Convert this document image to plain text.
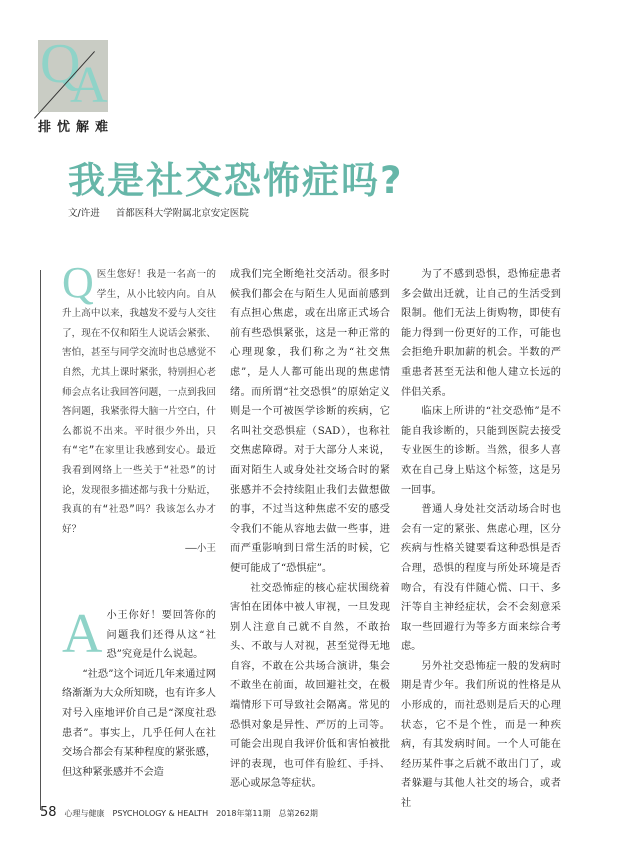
Q
A
排忧解难
我是社交恐怖症吗?
文/许进 首都医科大学附属北京安定医院
Q医生您好！我是一名高一的学生，从小比较内向。自从升上高中以来，我越发不爱与人交往了，现在不仅和陌生人说话会紧张、害怕，甚至与同学交流时也总感觉不自然，尤其上课时紧张，特别担心老师会点名让我回答问题，一点到我回答问题，我紧张得大脑一片空白，什么都说不出来。平时很少外出，只有“宅”在家里让我感到安心。最近我看到网络上一些关于“社恐”的讨论，发现很多描述都与我十分贴近，我真的有“社恐”吗？我该怎么办才好？
——小王

A小王你好！要回答你的问题我们还得从这“社恐”究竟是什么说起。

“社恐”这个词近几年来通过网络渐渐为大众所知晓，也有许多人对号入座地评价自己是“深度社恐患者”。事实上，几乎任何人在社交场合都会有某种程度的紧张感，但这种紧张感并不会造

成我们完全断绝社交活动。很多时候我们都会在与陌生人见面前感到有点担心焦虑，或在出席正式场合前有些恐惧紧张，这是一种正常的心理现象，我们称之为“社交焦虑”，是人人都可能出现的焦虑情绪。而所谓“社交恐惧”的原始定义则是一个可被医学诊断的疾病，它名叫社交恐惧症（SAD），也称社交焦虑障碍。对于大部分人来说，面对陌生人或身处社交场合时的紧张感并不会持续阻止我们去做想做的事，不过当这种焦虑不安的感受令我们不能从容地去做一些事，进而严重影响到日常生活的时候，它便可能成了“恐惧症”。

社交恐怖症的核心症状围绕着害怕在团体中被人审视，一旦发现别人注意自己就不自然，不敢抬头、不敢与人对视，甚至觉得无地自容，不敢在公共场合演讲，集会不敢坐在前面，故回避社交，在极端情形下可导致社会隔离。常见的恐惧对象是异性、严厉的上司等。可能会出现自我评价低和害怕被批评的表现，也可伴有脸红、手抖、恶心或尿急等症状。

为了不感到恐惧，恐怖症患者多会做出迁就，让自己的生活受到限制。他们无法上街购物，即使有能力得到一份更好的工作，可能也会拒绝升职加薪的机会。半数的严重患者甚至无法和他人建立长远的伴侣关系。

临床上所讲的“社交恐怖”是不能自我诊断的，只能到医院去接受专业医生的诊断。当然，很多人喜欢在自己身上贴这个标签，这是另一回事。

普通人身处社交活动场合时也会有一定的紧张、焦虑心理，区分疾病与性格关键要看这种恐惧是否合理，恐惧的程度与所处环境是否吻合，有没有伴随心慌、口干、多汗等自主神经症状，会不会刻意采取一些回避行为等多方面来综合考虑。

另外社交恐怖症一般的发病时期是青少年。我们所说的性格是从小形成的，而社恐则是后天的心理状态，它不是个性，而是一种疾病，有其发病时间。一个人可能在经历某件事之后就不敢出门了，或者躲避与其他人社交的场合，或者社

58 心理与健康 PSYCHOLOGY & HEALTH 2018年第11期 总第262期
